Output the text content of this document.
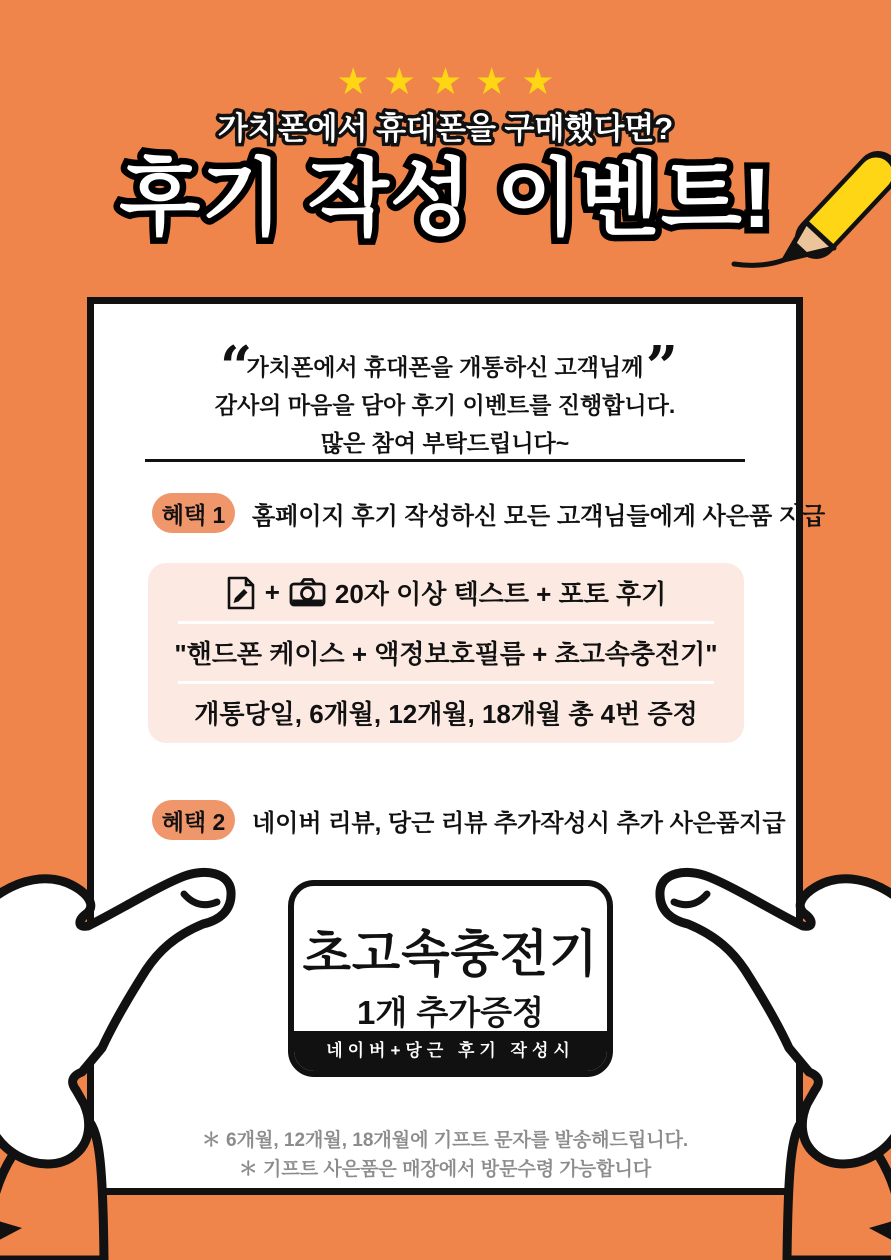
★★★★★
가치폰에서 휴대폰을 구매했다면?
후기 작성 이벤트!
“	”
가치폰에서 휴대폰을 개통하신 고객님께
감사의 마음을 담아 후기 이벤트를 진행합니다.
많은 참여 부탁드립니다~
혜택 1	홈페이지 후기 작성하신 모든 고객님들에게 사은품 지급
+ 20자 이상 텍스트 + 포토 후기
"핸드폰 케이스 + 액정보호필름 + 초고속충전기"
개통당일, 6개월, 12개월, 18개월 총 4번 증정
혜택 2	네이버 리뷰, 당근 리뷰 추가작성시 추가 사은품지급
초고속충전기
1개 추가증정
네이버+당근 후기 작성시
＊ 6개월, 12개월, 18개월에 기프트 문자를 발송해드립니다.
＊ 기프트 사은품은 매장에서 방문수령 가능합니다
